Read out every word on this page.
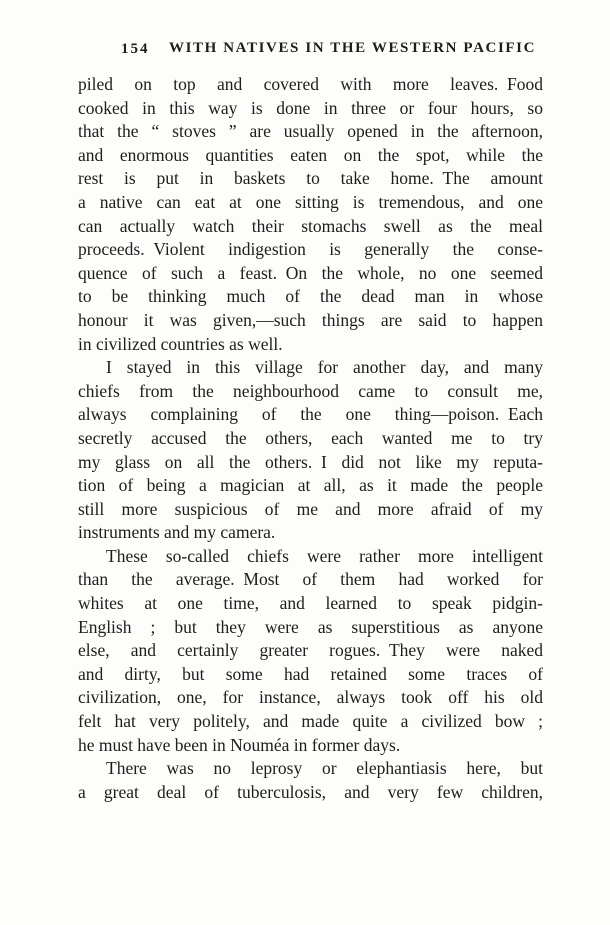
154	WITH NATIVES IN THE WESTERN PACIFIC
piled on top and covered with more leaves. Food
cooked in this way is done in three or four hours, so
that the “ stoves ” are usually opened in the afternoon,
and enormous quantities eaten on the spot, while the
rest is put in baskets to take home. The amount
a native can eat at one sitting is tremendous, and one
can actually watch their stomachs swell as the meal
proceeds. Violent indigestion is generally the conse-
quence of such a feast. On the whole, no one seemed
to be thinking much of the dead man in whose
honour it was given,—such things are said to happen
in civilized countries as well.
I stayed in this village for another day, and many
chiefs from the neighbourhood came to consult me,
always complaining of the one thing—poison. Each
secretly accused the others, each wanted me to try
my glass on all the others. I did not like my reputa-
tion of being a magician at all, as it made the people
still more suspicious of me and more afraid of my
instruments and my camera.
These so-called chiefs were rather more intelligent
than the average. Most of them had worked for
whites at one time, and learned to speak pidgin-
English ; but they were as superstitious as anyone
else, and certainly greater rogues. They were naked
and dirty, but some had retained some traces of
civilization, one, for instance, always took off his old
felt hat very politely, and made quite a civilized bow ;
he must have been in Nouméa in former days.
There was no leprosy or elephantiasis here, but
a great deal of tuberculosis, and very few children,
